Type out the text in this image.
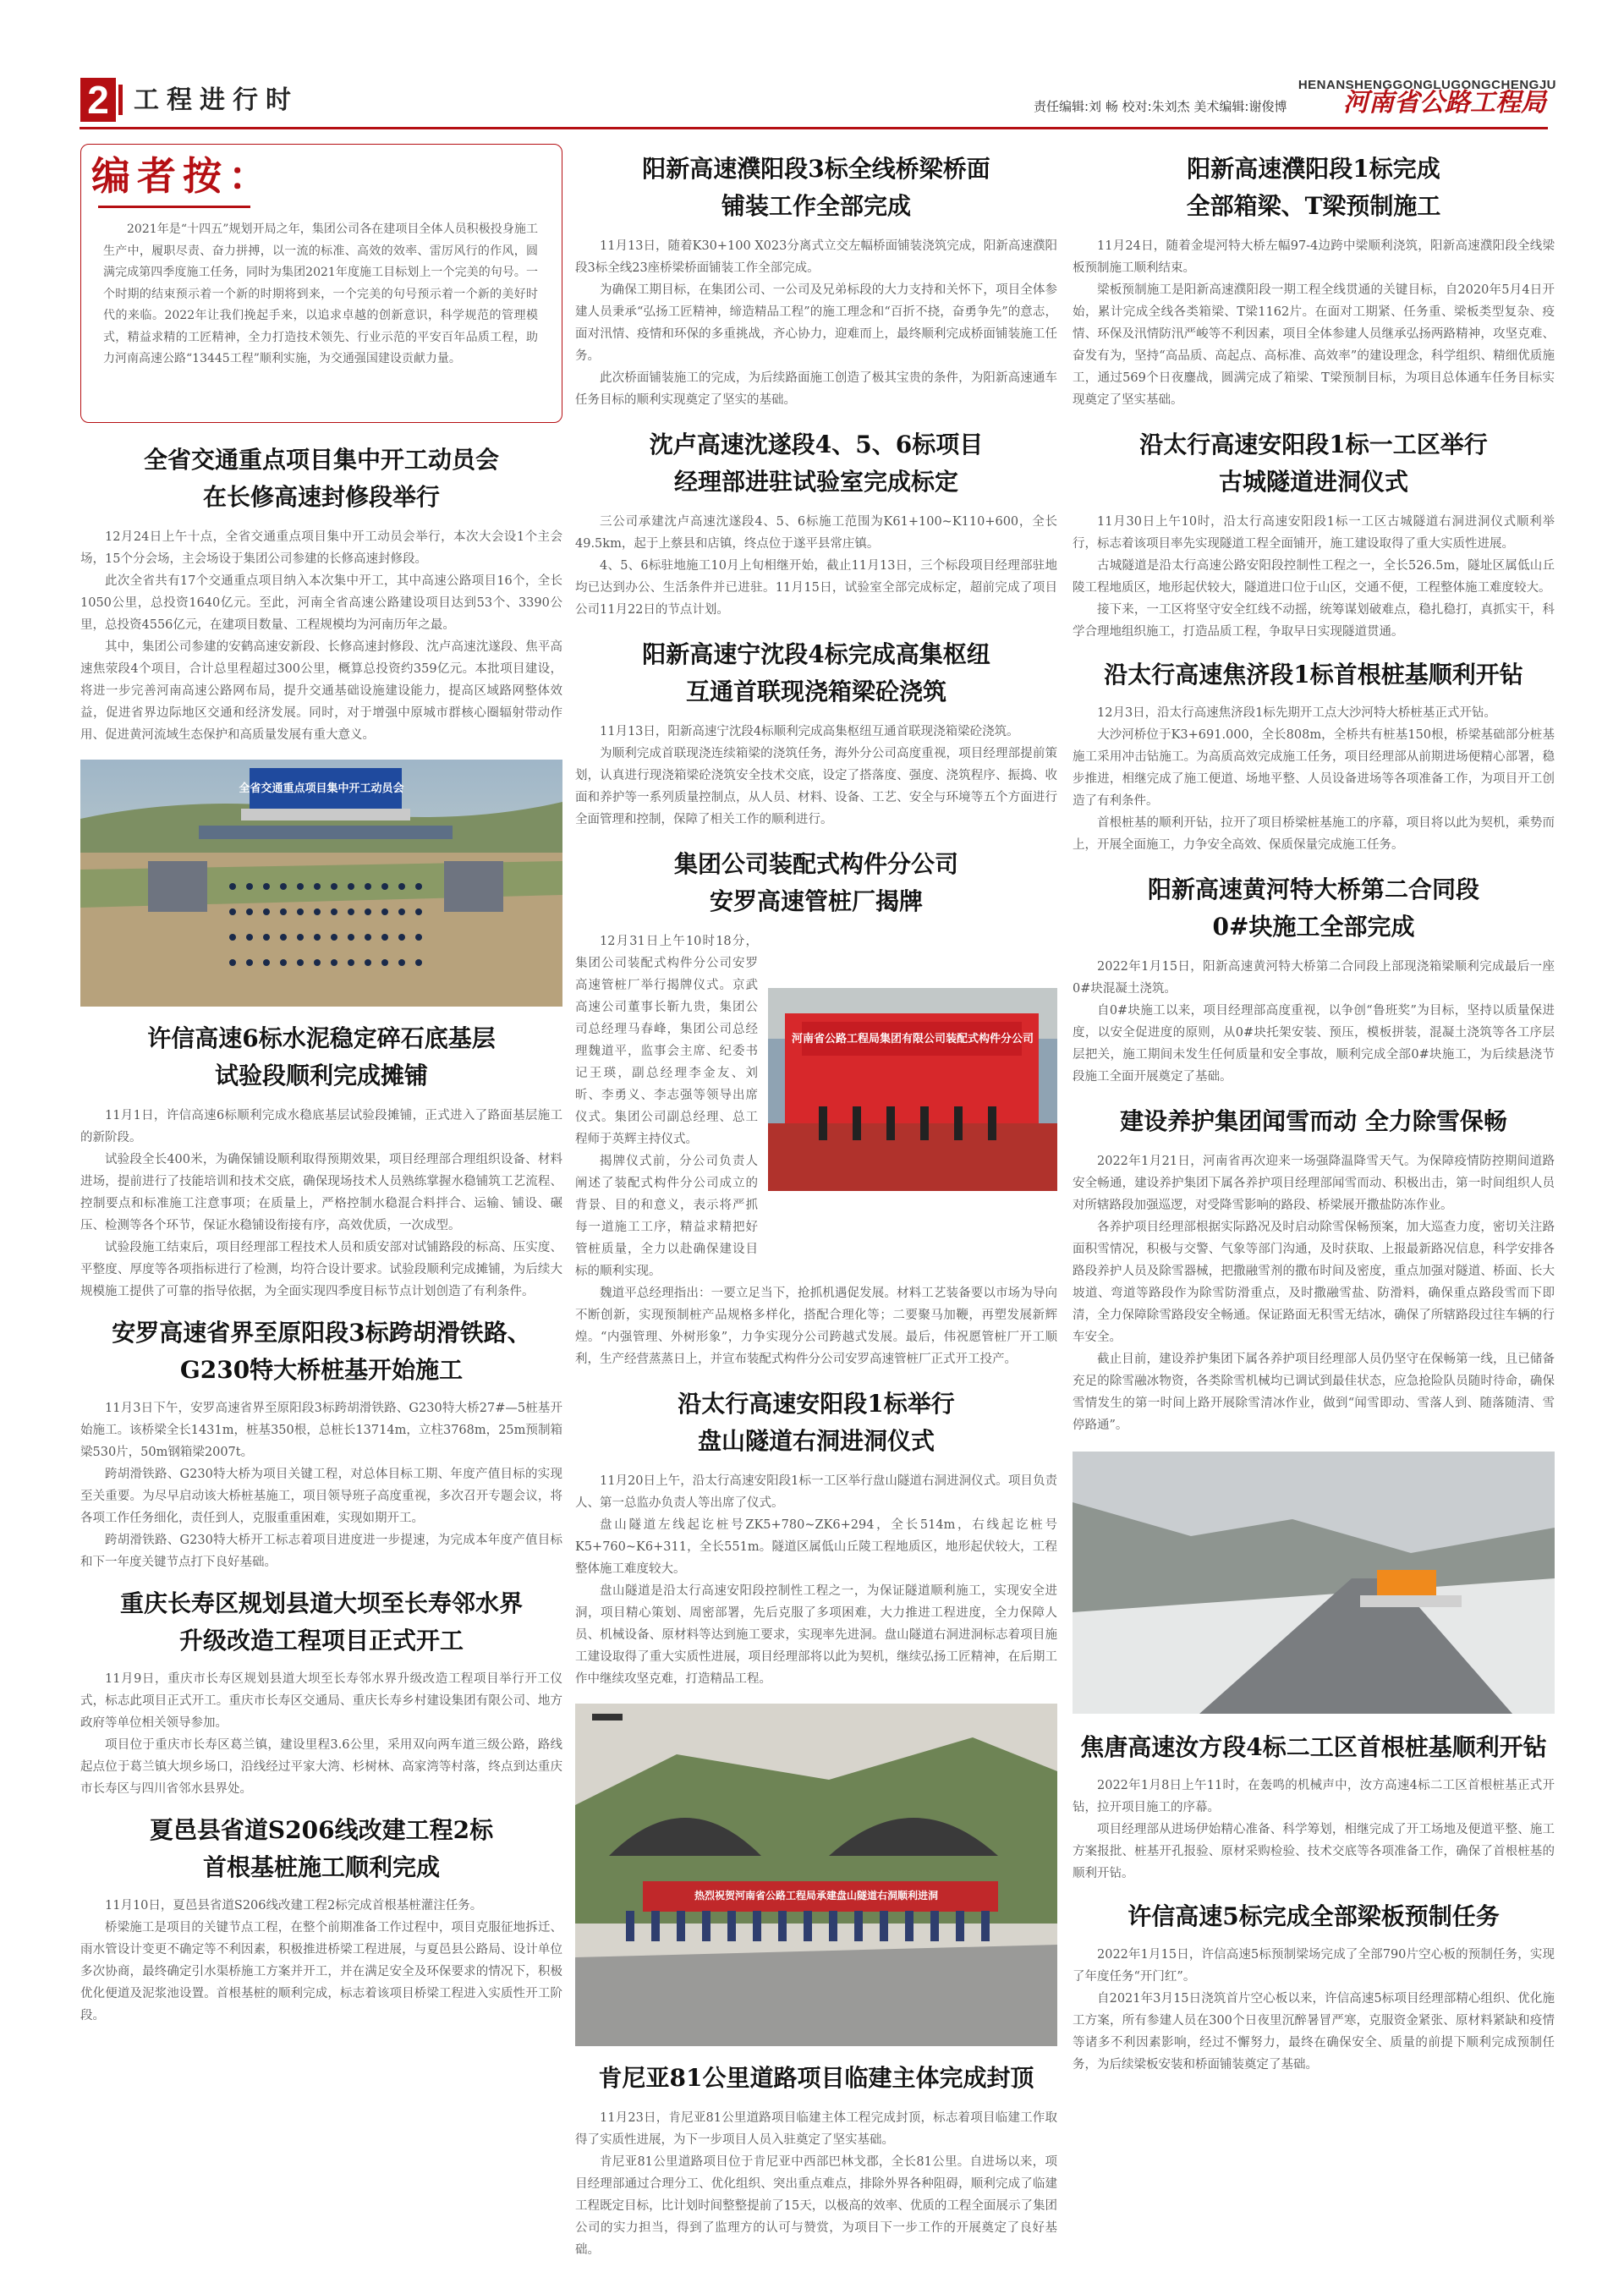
2 工程进行时
HENANSHENGGONGLUGONGCHENGJU
责任编辑:刘 畅 校对:朱刘杰 美术编辑:谢俊博 河南省公路工程局
编者按：

2021年是“十四五”规划开局之年，集团公司各在建项目全体人员积极投身施工生产中，履职尽责、奋力拼搏，以一流的标准、高效的效率、雷厉风行的作风，圆满完成第四季度施工任务，同时为集团2021年度施工目标划上一个完美的句号。一个时期的结束预示着一个新的时期将到来，一个完美的句号预示着一个新的美好时代的来临。2022年让我们挽起手来，以追求卓越的创新意识，科学规范的管理模式，精益求精的工匠精神，全力打造技术领先、行业示范的平安百年品质工程，助力河南高速公路“13445工程”顺利实施，为交通强国建设贡献力量。

全省交通重点项目集中开工动员会
在长修高速封修段举行

12月24日上午十点，全省交通重点项目集中开工动员会举行，本次大会设1个主会场，15个分会场，主会场设于集团公司参建的长修高速封修段。

此次全省共有17个交通重点项目纳入本次集中开工，其中高速公路项目16个，全长1050公里，总投资1640亿元。至此，河南全省高速公路建设项目达到53个、3390公里，总投资4556亿元，在建项目数量、工程规模均为河南历年之最。

其中，集团公司参建的安鹤高速安新段、长修高速封修段、沈卢高速沈遂段、焦平高速焦荥段4个项目，合计总里程超过300公里，概算总投资约359亿元。本批项目建设，将进一步完善河南高速公路网布局，提升交通基础设施建设能力，提高区域路网整体效益，促进省界边际地区交通和经济发展。同时，对于增强中原城市群核心圈辐射带动作用、促进黄河流域生态保护和高质量发展有重大意义。

全省交通重点项目集中开工动员会
许信高速6标水泥稳定碎石底基层
试验段顺利完成摊铺

11月1日，许信高速6标顺利完成水稳底基层试验段摊铺，正式进入了路面基层施工的新阶段。

试验段全长400米，为确保铺设顺利取得预期效果，项目经理部合理组织设备、材料进场，提前进行了技能培训和技术交底，确保现场技术人员熟练掌握水稳铺筑工艺流程、控制要点和标准施工注意事项；在质量上，严格控制水稳混合料拌合、运输、铺设、碾压、检测等各个环节，保证水稳铺设衔接有序，高效优质，一次成型。

试验段施工结束后，项目经理部工程技术人员和质安部对试铺路段的标高、压实度、平整度、厚度等各项指标进行了检测，均符合设计要求。试验段顺利完成摊铺，为后续大规模施工提供了可靠的指导依据，为全面实现四季度目标节点计划创造了有利条件。

安罗高速省界至原阳段3标跨胡滑铁路、
G230特大桥桩基开始施工

11月3日下午，安罗高速省界至原阳段3标跨胡滑铁路、G230特大桥27#—5桩基开始施工。该桥梁全长1431m，桩基350根，总桩长13714m，立柱3768m，25m预制箱梁530片，50m钢箱梁2007t。

跨胡滑铁路、G230特大桥为项目关键工程，对总体目标工期、年度产值目标的实现至关重要。为尽早启动该大桥桩基施工，项目领导班子高度重视，多次召开专题会议，将各项工作任务细化，责任到人，克服重重困难，实现如期开工。

跨胡滑铁路、G230特大桥开工标志着项目进度进一步提速，为完成本年度产值目标和下一年度关键节点打下良好基础。

重庆长寿区规划县道大坝至长寿邻水界
升级改造工程项目正式开工

11月9日，重庆市长寿区规划县道大坝至长寿邻水界升级改造工程项目举行开工仪式，标志此项目正式开工。重庆市长寿区交通局、重庆长寿乡村建设集团有限公司、地方政府等单位相关领导参加。

项目位于重庆市长寿区葛兰镇，建设里程3.6公里，采用双向两车道三级公路，路线起点位于葛兰镇大坝乡场口，沿线经过平家大湾、杉树林、高家湾等村落，终点到达重庆市长寿区与四川省邻水县界处。

夏邑县省道S206线改建工程2标
首根基桩施工顺利完成

11月10日，夏邑县省道S206线改建工程2标完成首根基桩灌注任务。

桥梁施工是项目的关键节点工程，在整个前期准备工作过程中，项目克服征地拆迁、雨水管设计变更不确定等不利因素，积极推进桥梁工程进展，与夏邑县公路局、设计单位多次协商，最终确定引水渠桥施工方案并开工，并在满足安全及环保要求的情况下，积极优化便道及泥浆池设置。首根基桩的顺利完成，标志着该项目桥梁工程进入实质性开工阶段。

阳新高速濮阳段3标全线桥梁桥面
铺装工作全部完成

11月13日，随着K30+100 X023分离式立交左幅桥面铺装浇筑完成，阳新高速濮阳段3标全线23座桥梁桥面铺装工作全部完成。

为确保工期目标，在集团公司、一公司及兄弟标段的大力支持和关怀下，项目全体参建人员秉承“弘扬工匠精神，缔造精品工程”的施工理念和“百折不挠，奋勇争先”的意志，面对汛情、疫情和环保的多重挑战，齐心协力，迎难而上，最终顺利完成桥面铺装施工任务。

此次桥面铺装施工的完成，为后续路面施工创造了极其宝贵的条件，为阳新高速通车任务目标的顺利实现奠定了坚实的基础。

沈卢高速沈遂段4、5、6标项目
经理部进驻试验室完成标定

三公司承建沈卢高速沈遂段4、5、6标施工范围为K61+100~K110+600，全长49.5km，起于上蔡县和店镇，终点位于遂平县常庄镇。

4、5、6标驻地施工10月上旬相继开始，截止11月13日，三个标段项目经理部驻地均已达到办公、生活条件并已进驻。11月15日，试验室全部完成标定，超前完成了项目公司11月22日的节点计划。

阳新高速宁沈段4标完成高集枢纽
互通首联现浇箱梁砼浇筑

11月13日，阳新高速宁沈段4标顺利完成高集枢纽互通首联现浇箱梁砼浇筑。

为顺利完成首联现浇连续箱梁的浇筑任务，海外分公司高度重视，项目经理部提前策划，认真进行现浇箱梁砼浇筑安全技术交底，设定了搭落度、强度、浇筑程序、振捣、收面和养护等一系列质量控制点，从人员、材料、设备、工艺、安全与环境等五个方面进行全面管理和控制，保障了相关工作的顺利进行。

集团公司装配式构件分公司
安罗高速管桩厂揭牌
河南省公路工程局集团有限公司装配式构件分公司

12月31日上午10时18分，集团公司装配式构件分公司安罗高速管桩厂举行揭牌仪式。京武高速公司董事长靳九贵，集团公司总经理马春峰，集团公司总经理魏道平，监事会主席、纪委书记王瑛，副总经理李金友、刘昕、李勇义、李志强等领导出席仪式。集团公司副总经理、总工程师于英辉主持仪式。

揭牌仪式前，分公司负责人阐述了装配式构件分公司成立的背景、目的和意义，表示将严抓每一道施工工序，精益求精把好管桩质量，全力以赴确保建设目标的顺利实现。

魏道平总经理指出：一要立足当下，抢抓机遇促发展。材料工艺装备要以市场为导向不断创新，实现预制桩产品规格多样化，搭配合理化等；二要聚马加鞭，再塑发展新辉煌。“内强管理、外树形象”，力争实现分公司跨越式发展。最后，伟祝愿管桩厂开工顺利，生产经营蒸蒸日上，并宣布装配式构件分公司安罗高速管桩厂正式开工投产。

沿太行高速安阳段1标举行
盘山隧道右洞进洞仪式

11月20日上午，沿太行高速安阳段1标一工区举行盘山隧道右洞进洞仪式。项目负责人、第一总监办负责人等出席了仪式。

盘山隧道左线起讫桩号ZK5+780~ZK6+294，全长514m，右线起讫桩号K5+760~K6+311，全长551m。隧道区属低山丘陵工程地质区，地形起伏较大，工程整体施工难度较大。

盘山隧道是沿太行高速安阳段控制性工程之一，为保证隧道顺利施工，实现安全进洞，项目精心策划、周密部署，先后克服了多项困难，大力推进工程进度，全力保障人员、机械设备、原材料等达到施工要求，实现率先进洞。盘山隧道右洞进洞标志着项目施工建设取得了重大实质性进展，项目经理部将以此为契机，继续弘扬工匠精神，在后期工作中继续攻坚克难，打造精品工程。

热烈祝贺河南省公路工程局承建盘山隧道右洞顺利进洞
肯尼亚81公里道路项目临建主体完成封顶

11月23日，肯尼亚81公里道路项目临建主体工程完成封顶，标志着项目临建工作取得了实质性进展，为下一步项目人员入驻奠定了坚实基础。

肯尼亚81公里道路项目位于肯尼亚中西部巴林戈郡，全长81公里。自进场以来，项目经理部通过合理分工、优化组织、突出重点难点，排除外界各种阻碍，顺利完成了临建工程既定目标，比计划时间整整提前了15天，以极高的效率、优质的工程全面展示了集团公司的实力担当，得到了监理方的认可与赞赏，为项目下一步工作的开展奠定了良好基础。

阳新高速濮阳段1标完成
全部箱梁、T梁预制施工

11月24日，随着金堤河特大桥左幅97-4边跨中梁顺利浇筑，阳新高速濮阳段全线梁板预制施工顺利结束。

梁板预制施工是阳新高速濮阳段一期工程全线贯通的关键目标，自2020年5月4日开始，累计完成全线各类箱梁、T梁1162片。在面对工期紧、任务重、梁板类型复杂、疫情、环保及汛情防汛严峻等不利因素，项目全体参建人员继承弘扬两路精神，攻坚克难、奋发有为，坚持“高品质、高起点、高标准、高效率”的建设理念，科学组织、精细优质施工，通过569个日夜鏖战，圆满完成了箱梁、T梁预制目标，为项目总体通车任务目标实现奠定了坚实基础。

沿太行高速安阳段1标一工区举行
古城隧道进洞仪式

11月30日上午10时，沿太行高速安阳段1标一工区古城隧道右洞进洞仪式顺利举行，标志着该项目率先实现隧道工程全面铺开，施工建设取得了重大实质性进展。

古城隧道是沿太行高速公路安阳段控制性工程之一，全长526.5m，隧址区属低山丘陵工程地质区，地形起伏较大，隧道进口位于山区，交通不便，工程整体施工难度较大。

接下来，一工区将坚守安全红线不动摇，统筹谋划破难点，稳扎稳打，真抓实干，科学合理地组织施工，打造品质工程，争取早日实现隧道贯通。

沿太行高速焦济段1标首根桩基顺利开钻

12月3日，沿太行高速焦济段1标先期开工点大沙河特大桥桩基正式开钻。

大沙河桥位于K3+691.000，全长808m，全桥共有桩基150根，桥梁基础部分桩基施工采用冲击钻施工。为高质高效完成施工任务，项目经理部从前期进场便精心部署，稳步推进，相继完成了施工便道、场地平整、人员设备进场等各项准备工作，为项目开工创造了有利条件。

首根桩基的顺利开钻，拉开了项目桥梁桩基施工的序幕，项目将以此为契机，乘势而上，开展全面施工，力争安全高效、保质保量完成施工任务。

阳新高速黄河特大桥第二合同段
0#块施工全部完成

2022年1月15日，阳新高速黄河特大桥第二合同段上部现浇箱梁顺利完成最后一座0#块混凝土浇筑。

自0#块施工以来，项目经理部高度重视，以争创“鲁班奖”为目标，坚持以质量保进度，以安全促进度的原则，从0#块托架安装、预压，模板拼装，混凝土浇筑等各工序层层把关，施工期间未发生任何质量和安全事故，顺利完成全部0#块施工，为后续悬浇节段施工全面开展奠定了基础。

建设养护集团闻雪而动 全力除雪保畅

2022年1月21日，河南省再次迎来一场强降温降雪天气。为保障疫情防控期间道路安全畅通，建设养护集团下属各养护项目经理部闻雪而动、积极出击，第一时间组织人员对所辖路段加强巡逻，对受降雪影响的路段、桥梁展开撒盐防冻作业。

各养护项目经理部根据实际路况及时启动除雪保畅预案，加大巡查力度，密切关注路面积雪情况，积极与交警、气象等部门沟通，及时获取、上报最新路况信息，科学安排各路段养护人员及除雪器械，把撒融雪剂的撒布时间及密度，重点加强对隧道、桥面、长大坡道、弯道等路段作为除雪防滑重点，及时撒融雪盐、防滑料，确保重点路段雪而下即清，全力保障除雪路段安全畅通。保证路面无积雪无结冰，确保了所辖路段过往车辆的行车安全。

截止目前，建设养护集团下属各养护项目经理部人员仍坚守在保畅第一线，且已储备充足的除雪融冰物资，各类除雪机械均已调试到最佳状态，应急抢险队员随时待命，确保雪情发生的第一时间上路开展除雪清冰作业，做到“闻雪即动、雪落人到、随落随清、雪停路通”。

焦唐高速汝方段4标二工区首根桩基顺利开钻

2022年1月8日上午11时，在轰鸣的机械声中，汝方高速4标二工区首根桩基正式开钻，拉开项目施工的序幕。

项目经理部从进场伊始精心准备、科学筹划，相继完成了开工场地及便道平整、施工方案报批、桩基开孔报验、原材采购检验、技术交底等各项准备工作，确保了首根桩基的顺利开钻。

许信高速5标完成全部梁板预制任务

2022年1月15日，许信高速5标预制梁场完成了全部790片空心板的预制任务，实现了年度任务“开门红”。

自2021年3月15日浇筑首片空心板以来，许信高速5标项目经理部精心组织、优化施工方案，所有参建人员在300个日夜里沉醉暑冒严寒，克服资金紧张、原材料紧缺和疫情等诸多不利因素影响，经过不懈努力，最终在确保安全、质量的前提下顺利完成预制任务，为后续梁板安装和桥面铺装奠定了基础。
